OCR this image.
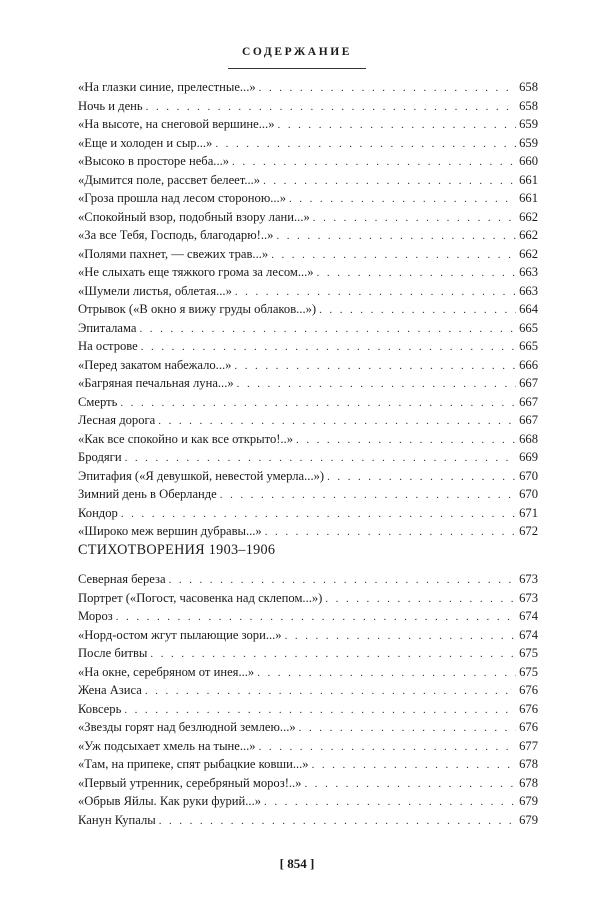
СОДЕРЖАНИЕ
«На глазки синие, прелестные...» . . .	658
Ночь и день . . .	658
«На высоте, на снеговой вершине...» . . .	659
«Еще и холоден и сыр...» . . .	659
«Высоко в просторе неба...» . . .	660
«Дымится поле, рассвет белеет...» . . .	661
«Гроза прошла над лесом стороною...» . . .	661
«Спокойный взор, подобный взору лани...» . . .	662
«За все Тебя, Господь, благодарю!..» . . .	662
«Полями пахнет, — свежих трав...» . . .	662
«Не слыхать еще тяжкого грома за лесом...» . . .	663
«Шумели листья, облетая...» . . .	663
Отрывок («В окно я вижу груды облаков...») . . .	664
Эпиталама . . .	665
На острове . . .	665
«Перед закатом набежало...» . . .	666
«Багряная печальная луна...» . . .	667
Смерть . . .	667
Лесная дорога . . .	667
«Как все спокойно и как все открыто!..» . . .	668
Бродяги . . .	669
Эпитафия («Я девушкой, невестой умерла...») . . .	670
Зимний день в Оберланде . . .	670
Кондор . . .	671
«Широко меж вершин дубравы...» . . .	672
СТИХОТВОРЕНИЯ 1903–1906
Северная береза . . .	673
Портрет («Погост, часовенка над склепом...») . . .	673
Мороз . . .	674
«Норд-остом жгут пылающие зори...» . . .	674
После битвы . . .	675
«На окне, серебряном от инея...» . . .	675
Жена Азиса . . .	676
Ковсерь . . .	676
«Звезды горят над безлюдной землею...» . . .	676
«Уж подсыхает хмель на тыне...» . . .	677
«Там, на припеке, спят рыбацкие ковши...» . . .	678
«Первый утренник, серебряный мороз!..» . . .	678
«Обрыв Яйлы. Как руки фурий...» . . .	679
Канун Купалы . . .	679
[ 854 ]
